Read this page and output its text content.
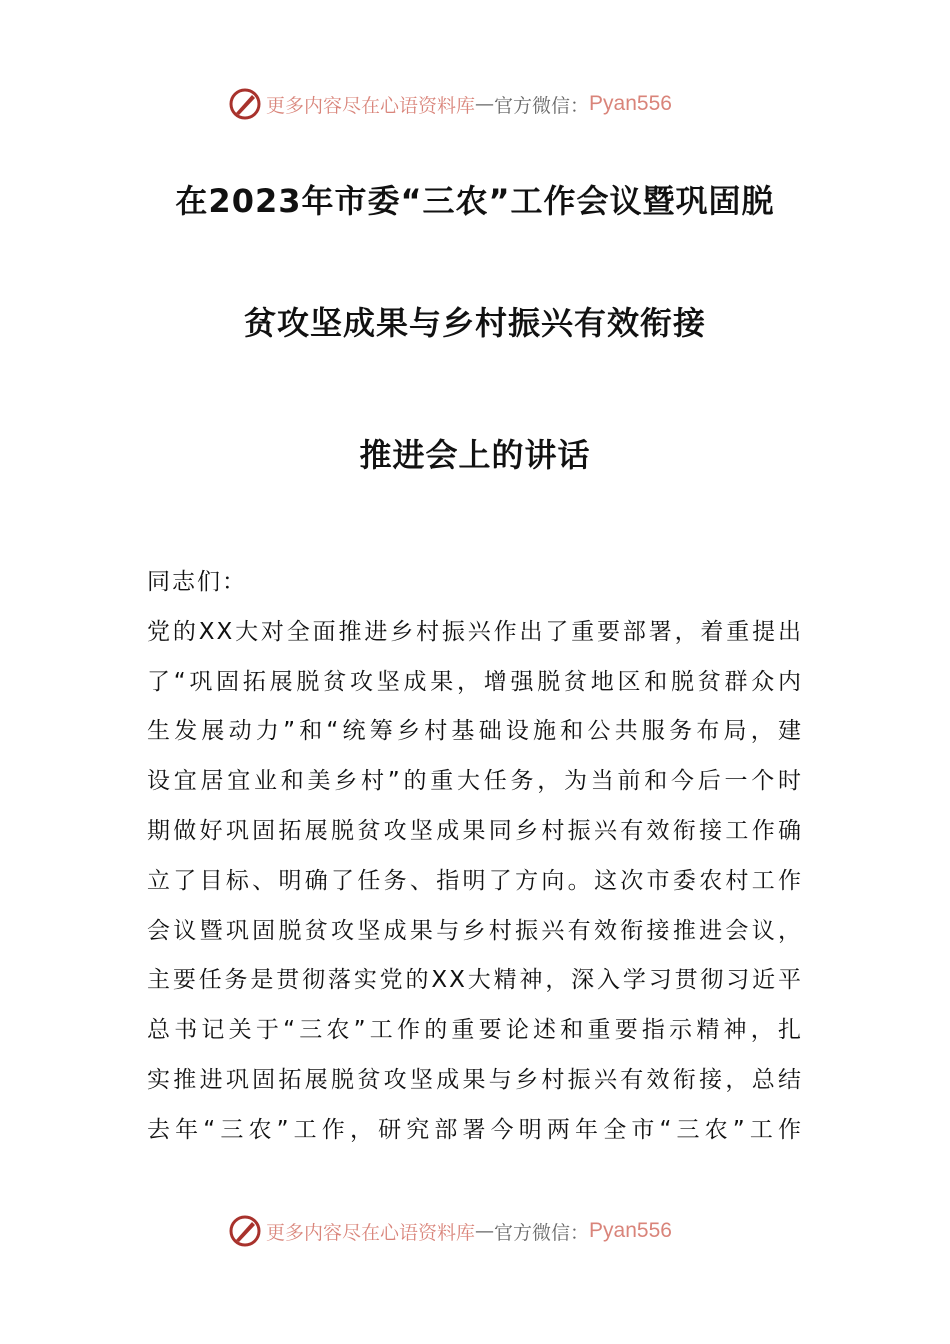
更多内容尽在心语资料库 — 官方微信： Pyan556
在2023年市委“三农”工作会议暨巩固脱
贫攻坚成果与乡村振兴有效衔接
推进会上的讲话
同志们：
党的XX大对全面推进乡村振兴作出了重要部署，着重提出
了“巩固拓展脱贫攻坚成果，增强脱贫地区和脱贫群众内
生发展动力”和“统筹乡村基础设施和公共服务布局，建
设宜居宜业和美乡村”的重大任务，为当前和今后一个时
期做好巩固拓展脱贫攻坚成果同乡村振兴有效衔接工作确
立了目标、明确了任务、指明了方向。这次市委农村工作
会议暨巩固脱贫攻坚成果与乡村振兴有效衔接推进会议，
主要任务是贯彻落实党的XX大精神，深入学习贯彻习近平
总书记关于“三农”工作的重要论述和重要指示精神，扎
实推进巩固拓展脱贫攻坚成果与乡村振兴有效衔接，总结
去年“三农”工作，研究部署今明两年全市“三农”工作
更多内容尽在心语资料库 — 官方微信： Pyan556
